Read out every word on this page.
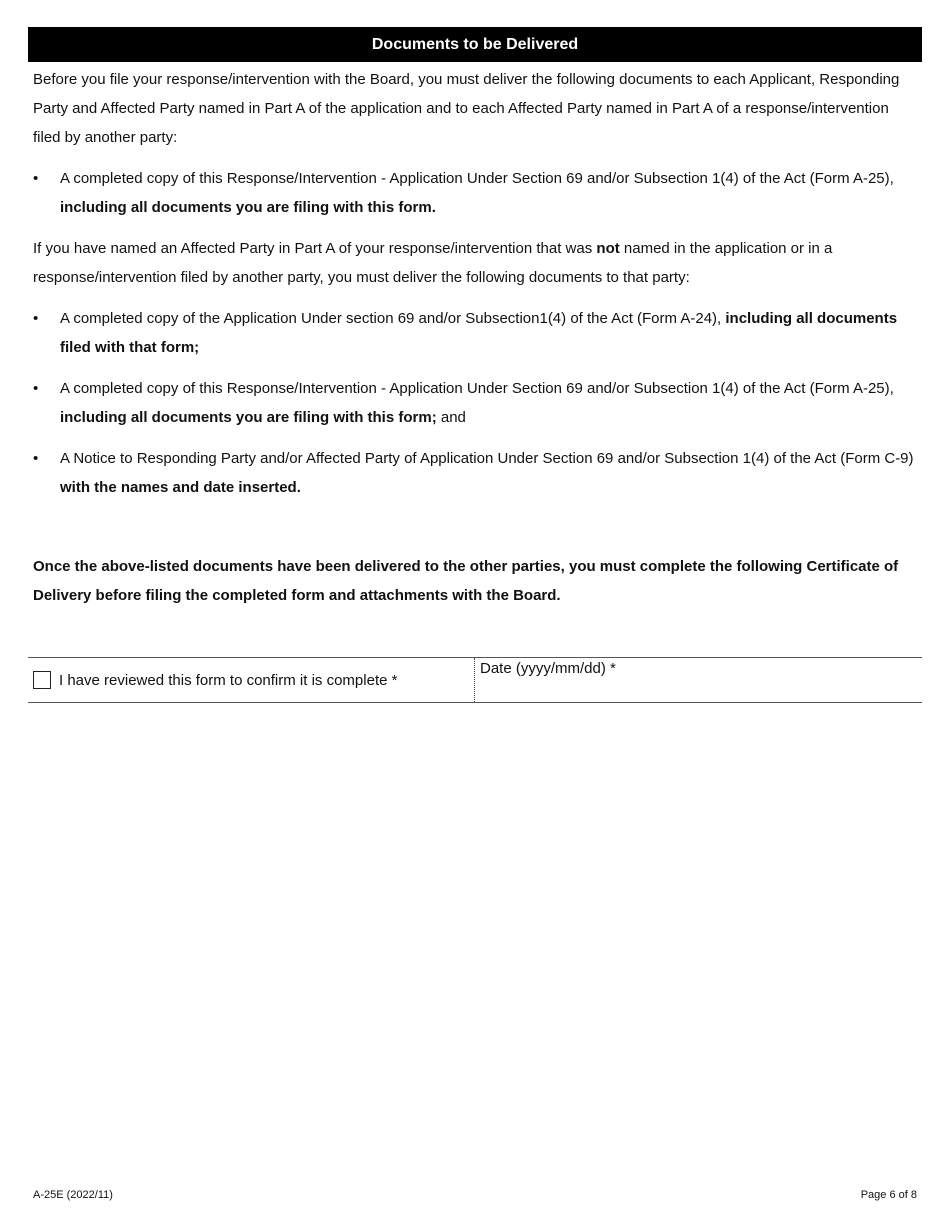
Documents to be Delivered

Before you file your response/intervention with the Board, you must deliver the following documents to each Applicant, Responding Party and Affected Party named in Part A of the application and to each Affected Party named in Part A of a response/intervention filed by another party:

• A completed copy of this Response/Intervention - Application Under Section 69 and/or Subsection 1(4) of the Act (Form A-25), including all documents you are filing with this form.

If you have named an Affected Party in Part A of your response/intervention that was not named in the application or in a response/intervention filed by another party, you must deliver the following documents to that party:

• A completed copy of the Application Under section 69 and/or Subsection1(4) of the Act (Form A-24), including all documents filed with that form;
• A completed copy of this Response/Intervention - Application Under Section 69 and/or Subsection 1(4) of the Act (Form A-25), including all documents you are filing with this form; and
• A Notice to Responding Party and/or Affected Party of Application Under Section 69 and/or Subsection 1(4) of the Act (Form C-9) with the names and date inserted.
Once the above-listed documents have been delivered to the other parties, you must complete the following Certificate of Delivery before filing the completed form and attachments with the Board.
I have reviewed this form to confirm it is complete *
Date (yyyy/mm/dd) *
A-25E (2022/11)	Page 6 of 8
